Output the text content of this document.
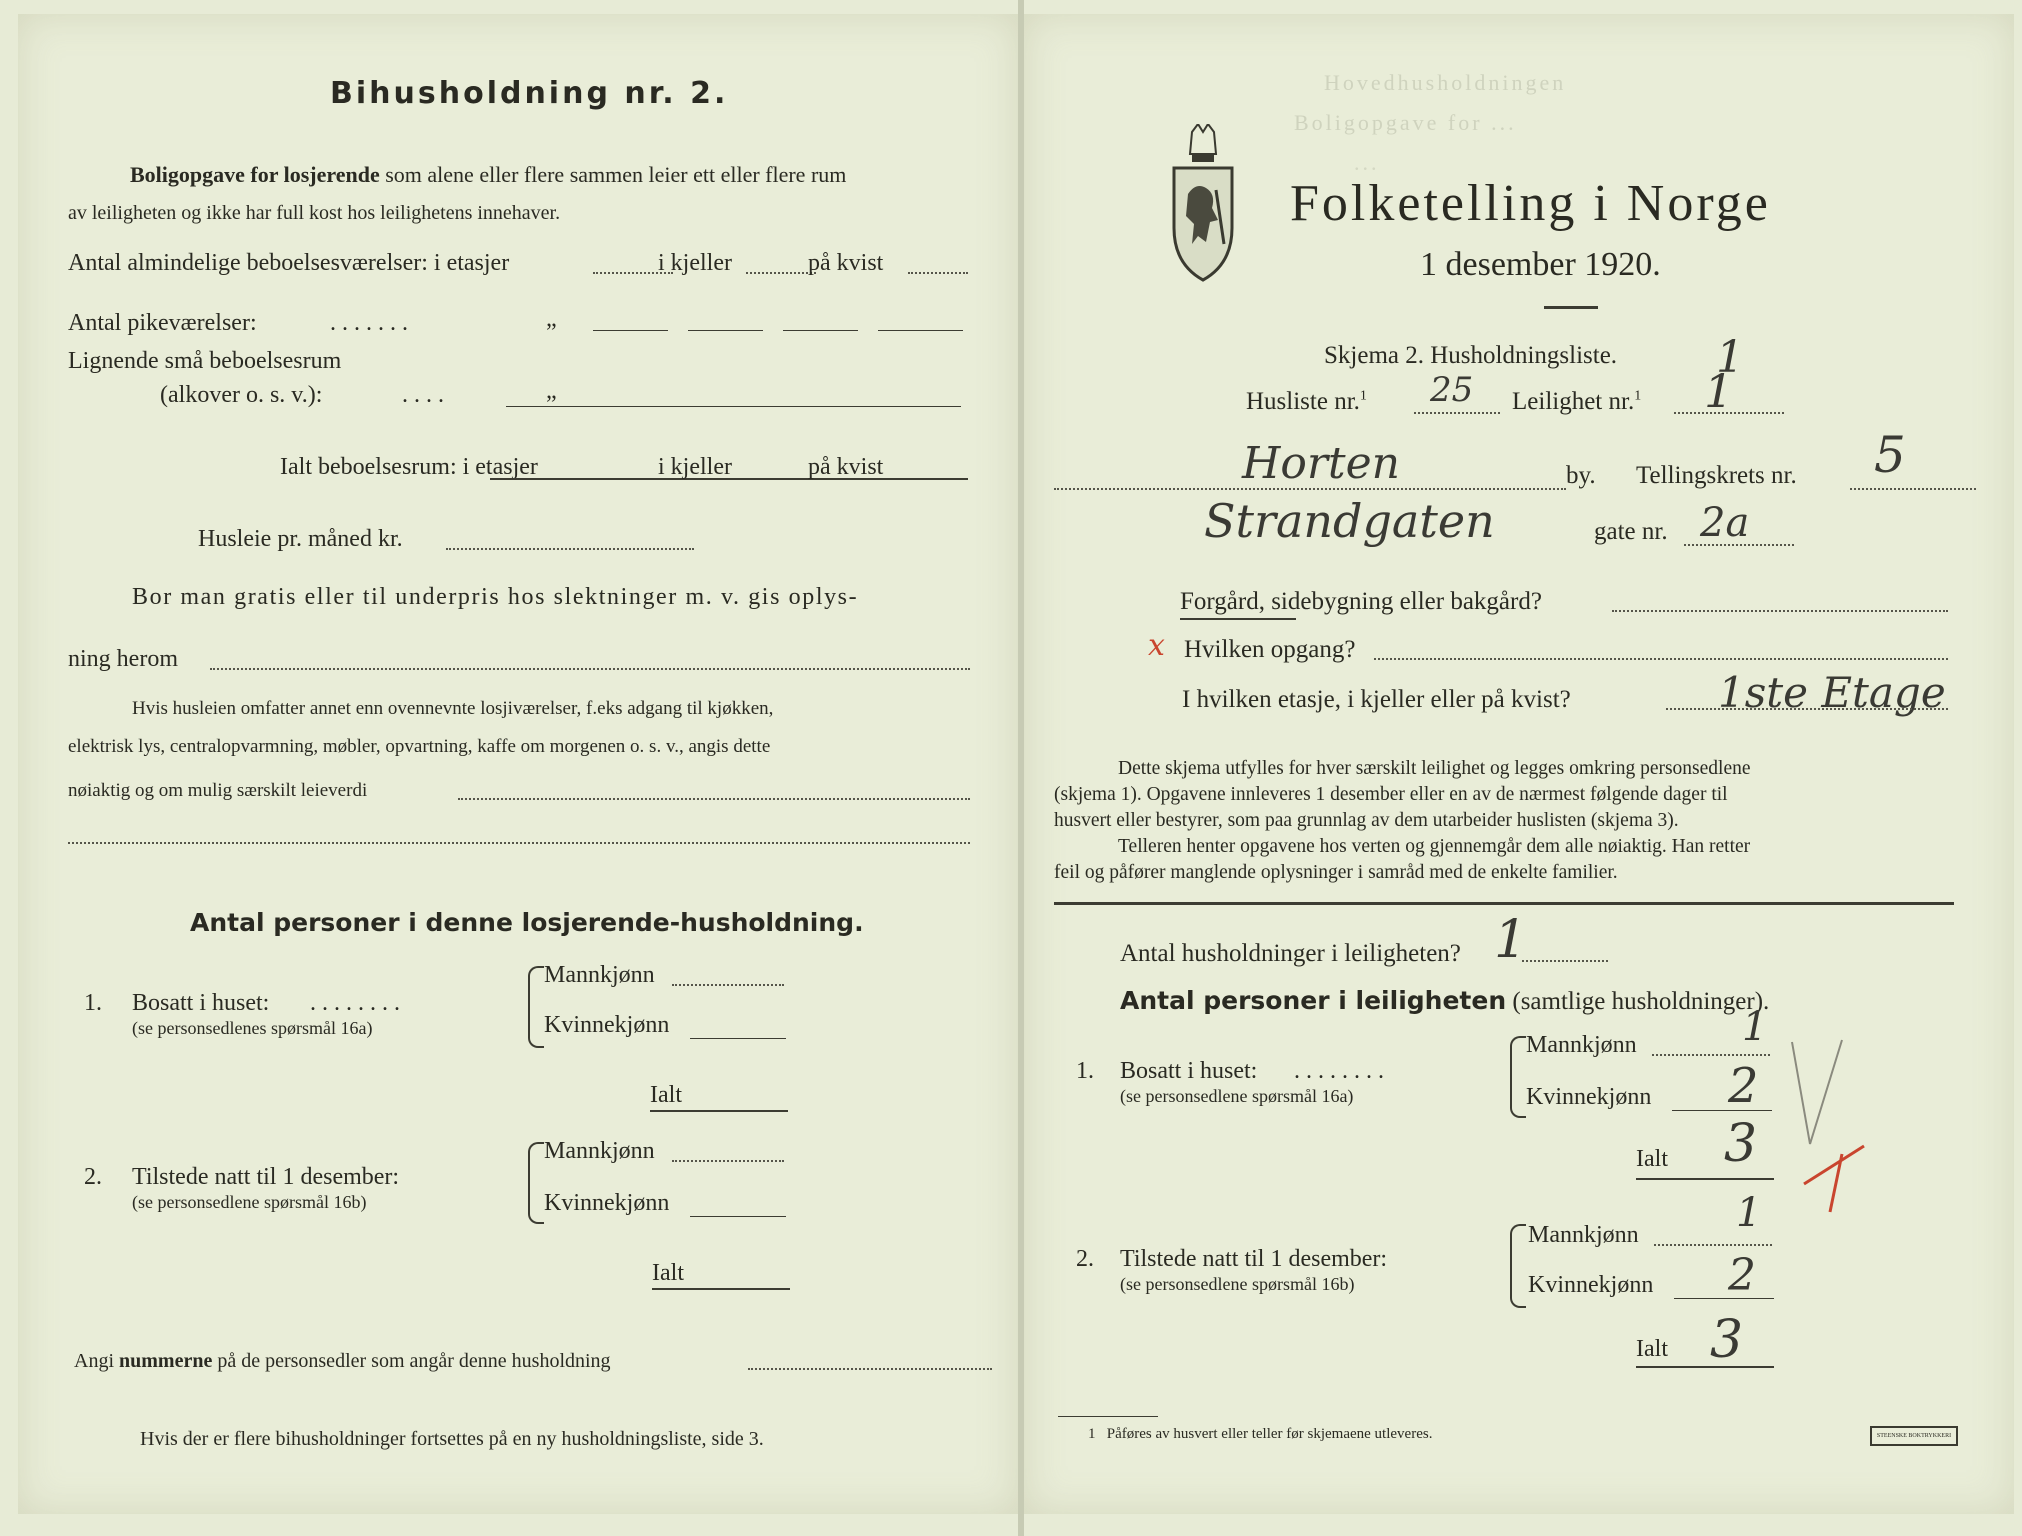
Bihusholdning nr. 2.
Boligopgave for losjerende som alene eller flere sammen leier ett eller flere rum
av leiligheten og ikke har full kost hos leilighetens innehaver.
Antal almindelige beboelsesværelser: i etasjer	i kjeller	på kvist
Antal pikeværelser:	. . . . . . .	„
Lignende små beboelsesrum
(alkover o. s. v.):	. . . .	„
Ialt beboelsesrum: i etasjer	i kjeller	på kvist
Husleie pr. måned kr.
Bor man gratis eller til underpris hos slektninger m. v. gis oplys-
ning herom
Hvis husleien omfatter annet enn ovennevnte losjiværelser, f.eks adgang til kjøkken,
elektrisk lys, centralopvarmning, møbler, opvartning, kaffe om morgenen o. s. v., angis dette
nøiaktig og om mulig særskilt leieverdi
Antal personer i denne losjerende-husholdning.
1. Bosatt i huset: . . . . . . . .
(se personsedlenes spørsmål 16a)
Mannkjønn
Kvinnekjønn
Ialt
2. Tilstede natt til 1 desember:
(se personsedlene spørsmål 16b)
Mannkjønn
Kvinnekjønn
Ialt
Angi nummerne på de personsedler som angår denne husholdning
Hvis der er flere bihusholdninger fortsettes på en ny husholdningsliste, side 3.
Hovedhusholdningen
Boligopgave for ...
...
Folketelling i Norge
1 desember 1920.
Skjema 2. Husholdningsliste. 1
Husliste nr.$^1$ 25 Leilighet nr.$^1$ 1
Horten	by. Tellingskrets nr. 5
Strandgaten	gate nr. 2a
Forgård, sidebygning eller bakgård?
x Hvilken opgang?
I hvilken etasje, i kjeller eller på kvist?	1ste Etage
Dette skjema utfylles for hver særskilt leilighet og legges omkring personsedlene
(skjema 1). Opgavene innleveres 1 desember eller en av de nærmest følgende dager til
husvert eller bestyrer, som paa grunnlag av dem utarbeider huslisten (skjema 3).
Telleren henter opgavene hos verten og gjennemgår dem alle nøiaktig. Han retter
feil og påfører manglende oplysninger i samråd med de enkelte familier.
Antal husholdninger i leiligheten? 1
Antal personer i leiligheten (samtlige husholdninger).
1. Bosatt i huset: . . . . . . . .
(se personsedlene spørsmål 16a)
Mannkjønn	1
Kvinnekjønn 2
Ialt 3
2. Tilstede natt til 1 desember:
(se personsedlene spørsmål 16b)
Mannkjønn 1
Kvinnekjønn 2
Ialt 3
1 Påføres av husvert eller teller før skjemaene utleveres.	STEENSKE BOKTRYKKERI
